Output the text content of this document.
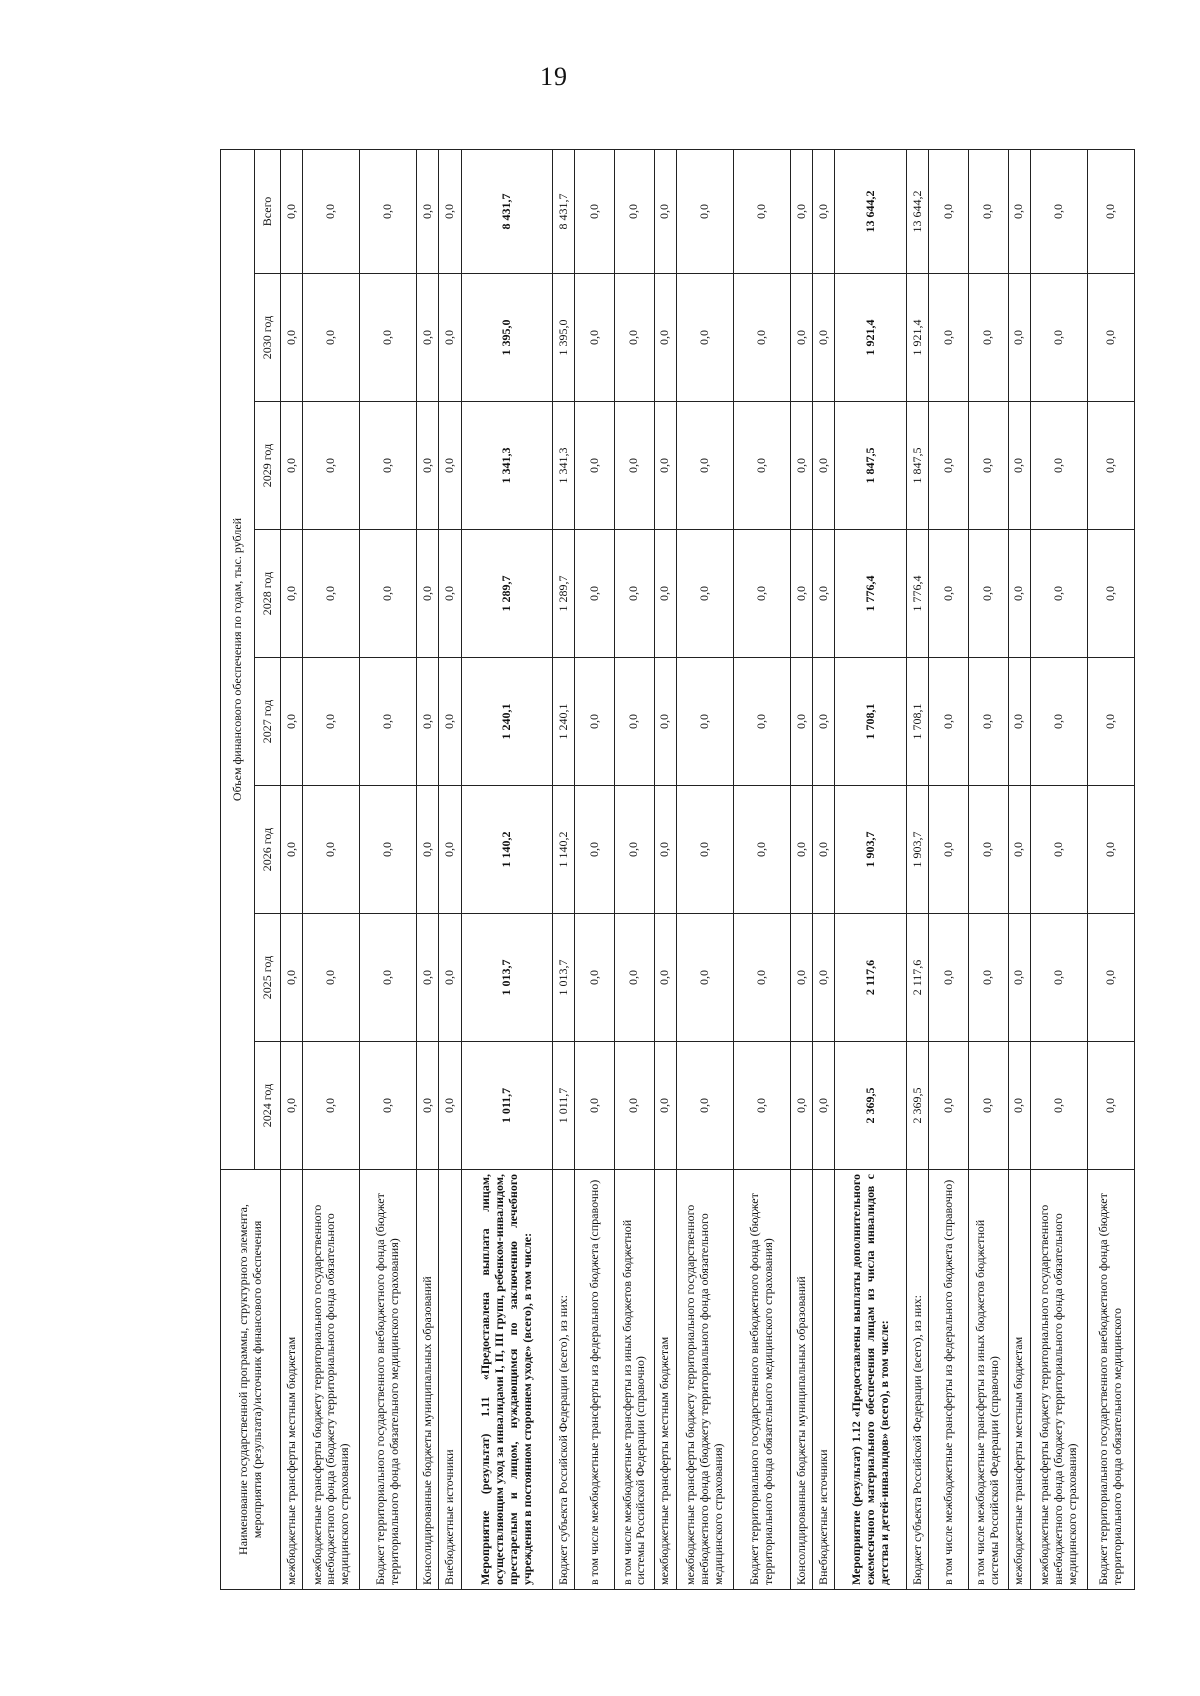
19
Наименование государственной программы, структурного элемента, мероприятия (результата)/источник финансового обеспечения	Объем финансового обеспечения по годам, тыс. рублей							
	2024 год	2025 год	2026 год	2027 год	2028 год	2029 год	2030 год	Всего
межбюджетные трансферты местным бюджетам	0,0	0,0	0,0	0,0	0,0	0,0	0,0	0,0
межбюджетные трансферты бюджету территориального государственного внебюджетного фонда (бюджету территориального фонда обязательного медицинского страхования)	0,0	0,0	0,0	0,0	0,0	0,0	0,0	0,0
Бюджет территориального государственного внебюджетного фонда (бюджет территориального фонда обязательного медицинского страхования)	0,0	0,0	0,0	0,0	0,0	0,0	0,0	0,0
Консолидированные бюджеты муниципальных образований	0,0	0,0	0,0	0,0	0,0	0,0	0,0	0,0
Внебюджетные источники	0,0	0,0	0,0	0,0	0,0	0,0	0,0	0,0
Мероприятие (результат) 1.11 «Предоставлена выплата лицам, осуществляющим уход за инвалидами I, II, III групп, ребенком-инвалидом, престарелым и лицом, нуждающимся по заключению лечебного учреждения в постоянном стороннем уходе» (всего), в том числе:	1 011,7	1 013,7	1 140,2	1 240,1	1 289,7	1 341,3	1 395,0	8 431,7
Бюджет субъекта Российской Федерации (всего), из них:	1 011,7	1 013,7	1 140,2	1 240,1	1 289,7	1 341,3	1 395,0	8 431,7
в том числе межбюджетные трансферты из федерального бюджета (справочно)	0,0	0,0	0,0	0,0	0,0	0,0	0,0	0,0
в том числе межбюджетные трансферты из иных бюджетов бюджетной системы Российской Федерации (справочно)	0,0	0,0	0,0	0,0	0,0	0,0	0,0	0,0
межбюджетные трансферты местным бюджетам	0,0	0,0	0,0	0,0	0,0	0,0	0,0	0,0
межбюджетные трансферты бюджету территориального государственного внебюджетного фонда (бюджету территориального фонда обязательного медицинского страхования)	0,0	0,0	0,0	0,0	0,0	0,0	0,0	0,0
Бюджет территориального государственного внебюджетного фонда (бюджет территориального фонда обязательного медицинского страхования)	0,0	0,0	0,0	0,0	0,0	0,0	0,0	0,0
Консолидированные бюджеты муниципальных образований	0,0	0,0	0,0	0,0	0,0	0,0	0,0	0,0
Внебюджетные источники	0,0	0,0	0,0	0,0	0,0	0,0	0,0	0,0
Мероприятие (результат) 1.12 «Предоставлены выплаты дополнительного ежемесячного материального обеспечения лицам из числа инвалидов с детства и детей-инвалидов» (всего), в том числе:	2 369,5	2 117,6	1 903,7	1 708,1	1 776,4	1 847,5	1 921,4	13 644,2
Бюджет субъекта Российской Федерации (всего), из них:	2 369,5	2 117,6	1 903,7	1 708,1	1 776,4	1 847,5	1 921,4	13 644,2
в том числе межбюджетные трансферты из федерального бюджета (справочно)	0,0	0,0	0,0	0,0	0,0	0,0	0,0	0,0
в том числе межбюджетные трансферты из иных бюджетов бюджетной системы Российской Федерации (справочно)	0,0	0,0	0,0	0,0	0,0	0,0	0,0	0,0
межбюджетные трансферты местным бюджетам	0,0	0,0	0,0	0,0	0,0	0,0	0,0	0,0
межбюджетные трансферты бюджету территориального государственного внебюджетного фонда (бюджету территориального фонда обязательного медицинского страхования)	0,0	0,0	0,0	0,0	0,0	0,0	0,0	0,0
Бюджет территориального государственного внебюджетного фонда (бюджет территориального фонда обязательного медицинского	0,0	0,0	0,0	0,0	0,0	0,0	0,0	0,0
